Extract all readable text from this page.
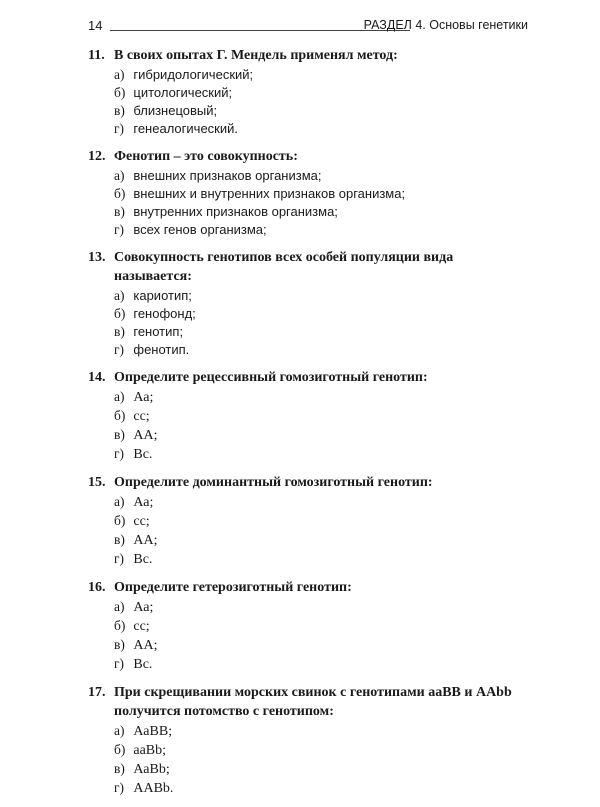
14	РАЗДЕЛ 4. Основы генетики
11. В своих опытах Г. Мендель применял метод:
а) гибридологический;
б) цитологический;
в) близнецовый;
г) генеалогический.
12. Фенотип – это совокупность:
а) внешних признаков организма;
б) внешних и внутренних признаков организма;
в) внутренних признаков организма;
г) всех генов организма;
13. Совокупность генотипов всех особей популяции вида называется:
а) кариотип;
б) генофонд;
в) генотип;
г) фенотип.
14. Определите рецессивный гомозиготный генотип:
а) Аа;
б) сс;
в) АА;
г) Вс.
15. Определите доминантный гомозиготный генотип:
а) Аа;
б) сс;
в) АА;
г) Вс.
16. Определите гетерозиготный генотип:
а) Аа;
б) сс;
в) АА;
г) Вс.
17. При скрещивании морских свинок с генотипами ааВВ и ААbb получится потомство с генотипом:
а) АаВВ;
б) ааВb;
в) АаВb;
г) ААВb.
